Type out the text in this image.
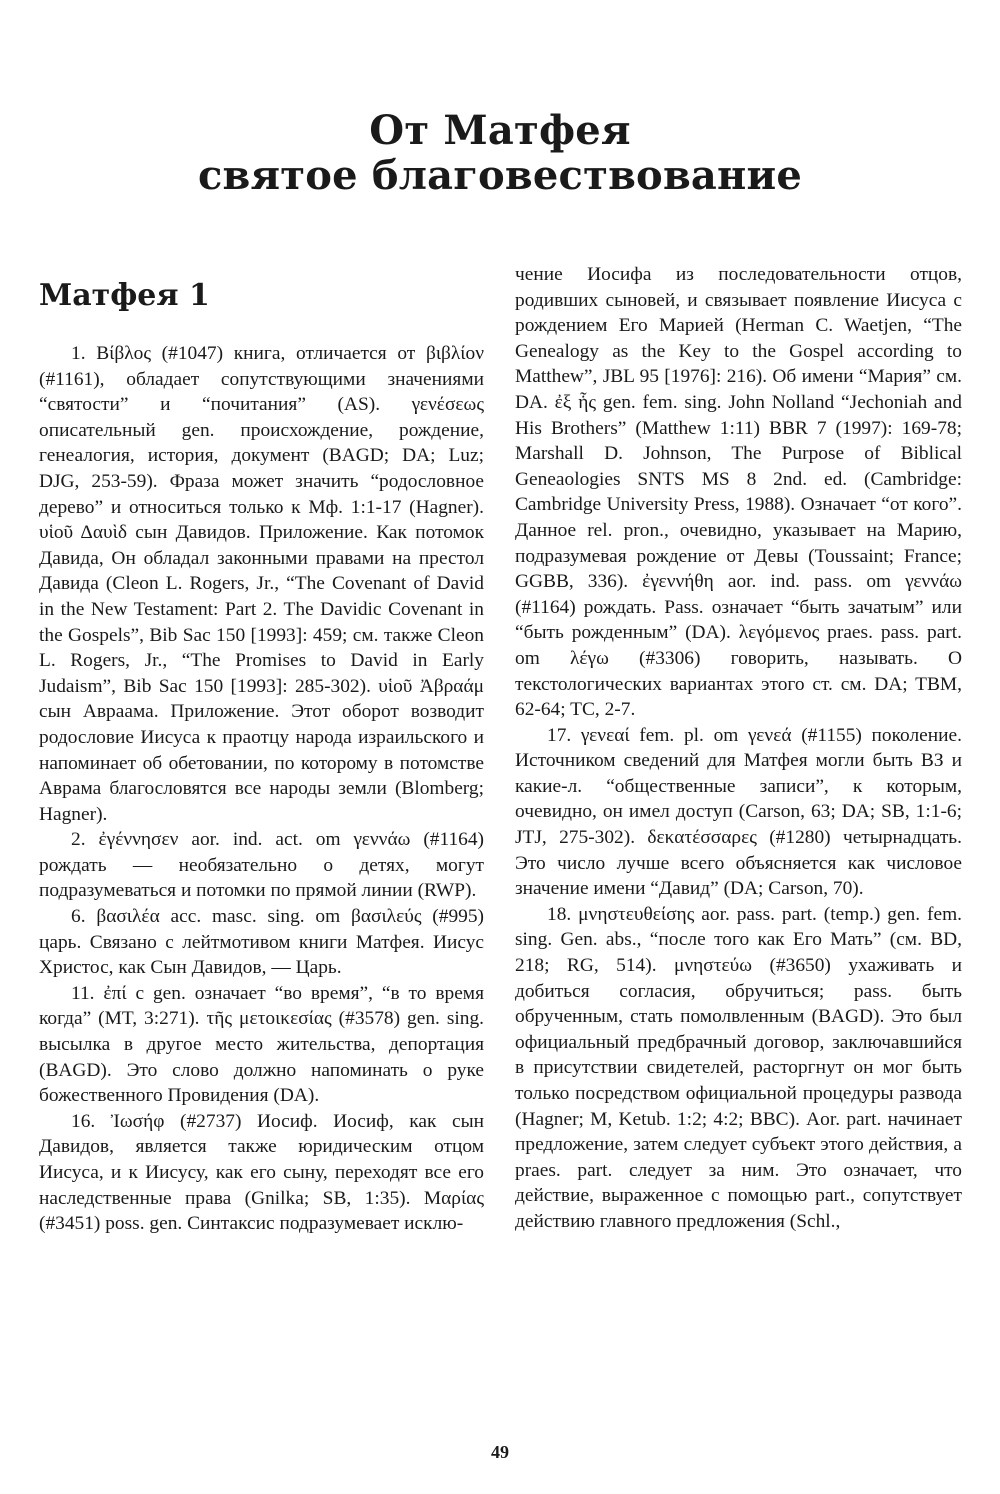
От Матфея
святое благовествование
Матфея 1

1. Βίβλος (#1047) книга, отличается от βιβλίον (#1161), обладает сопутствующими значениями “святости” и “почитания” (AS). γενέσεως описательный gen. происхождение, рождение, генеалогия, история, документ (BAGD; DA; Luz; DJG, 253-59). Фраза может значить “родословное дерево” и относиться только к Мф. 1:1-17 (Hagner). υἱοῦ Δαυὶδ сын Давидов. Приложение. Как потомок Давида, Он обладал законными правами на престол Давида (Cleon L. Rogers, Jr., “The Covenant of David in the New Testament: Part 2. The Davidic Covenant in the Gospels”, Bib Sac 150 [1993]: 459; см. также Cleon L. Rogers, Jr., “The Promises to David in Early Judaism”, Bib Sac 150 [1993]: 285-302). υἱοῦ Ἀβραάμ сын Авраама. Приложение. Этот оборот возводит родословие Иисуса к праотцу народа израильского и напоминает об обетовании, по которому в потомстве Аврама благословятся все народы земли (Blomberg; Hagner).

2. ἐγέννησεν aor. ind. act. om γεννάω (#1164) рождать — необязательно о детях, могут подразумеваться и потомки по прямой линии (RWP).

6. βασιλέα acc. masc. sing. om βασιλεύς (#995) царь. Связано с лейтмотивом книги Матфея. Иисус Христос, как Сын Давидов, — Царь.

11. ἐπί с gen. означает “во время”, “в то время когда” (MT, 3:271). τῆς μετοικεσίας (#3578) gen. sing. высылка в другое место жительства, депортация (BAGD). Это слово должно напоминать о руке божественного Провидения (DA).

16. Ἰωσήφ (#2737) Иосиф. Иосиф, как сын Давидов, является также юридическим отцом Иисуса, и к Иисусу, как его сыну, переходят все его наследственные права (Gnilka; SB, 1:35). Μαρίας (#3451) poss. gen. Синтаксис подразумевает исклю-

чение Иосифа из последовательности отцов, родивших сыновей, и связывает появление Иисуса с рождением Его Марией (Herman C. Waetjen, “The Genealogy as the Key to the Gospel according to Matthew”, JBL 95 [1976]: 216). Об имени “Мария” см. DA. ἐξ ἧς gen. fem. sing. John Nolland “Jechoniah and His Brothers” (Matthew 1:11) BBR 7 (1997): 169-78; Marshall D. Johnson, The Purpose of Biblical Geneaologies SNTS MS 8 2nd. ed. (Cambridge: Cambridge University Press, 1988). Означает “от кого”. Данное rel. pron., очевидно, указывает на Марию, подразумевая рождение от Девы (Toussaint; France; GGBB, 336). ἐγεννήθη aor. ind. pass. om γεννάω (#1164) рождать. Pass. означает “быть зачатым” или “быть рожденным” (DA). λεγόμενος praes. pass. part. om λέγω (#3306) говорить, называть. О текстологических вариантах этого ст. см. DA; TBM, 62-64; TC, 2-7.

17. γενεαί fem. pl. om γενεά (#1155) поколение. Источником сведений для Матфея могли быть ВЗ и какие-л. “общественные записи”, к которым, очевидно, он имел доступ (Carson, 63; DA; SB, 1:1-6; JTJ, 275-302). δεκατέσσαρες (#1280) четырнадцать. Это число лучше всего объясняется как числовое значение имени “Давид” (DA; Carson, 70).

18. μνηστευθείσης aor. pass. part. (temp.) gen. fem. sing. Gen. abs., “после того как Его Мать” (см. BD, 218; RG, 514). μνηστεύω (#3650) ухаживать и добиться согласия, обручиться; pass. быть обрученным, стать помолвленным (BAGD). Это был официальный предбрачный договор, заключавшийся в присутствии свидетелей, расторгнут он мог быть только посредством официальной процедуры развода (Hagner; M, Ketub. 1:2; 4:2; BBC). Aor. part. начинает предложение, затем следует субъект этого действия, а praes. part. следует за ним. Это означает, что действие, выраженное с помощью part., сопутствует действию главного предложения (Schl.,

49
